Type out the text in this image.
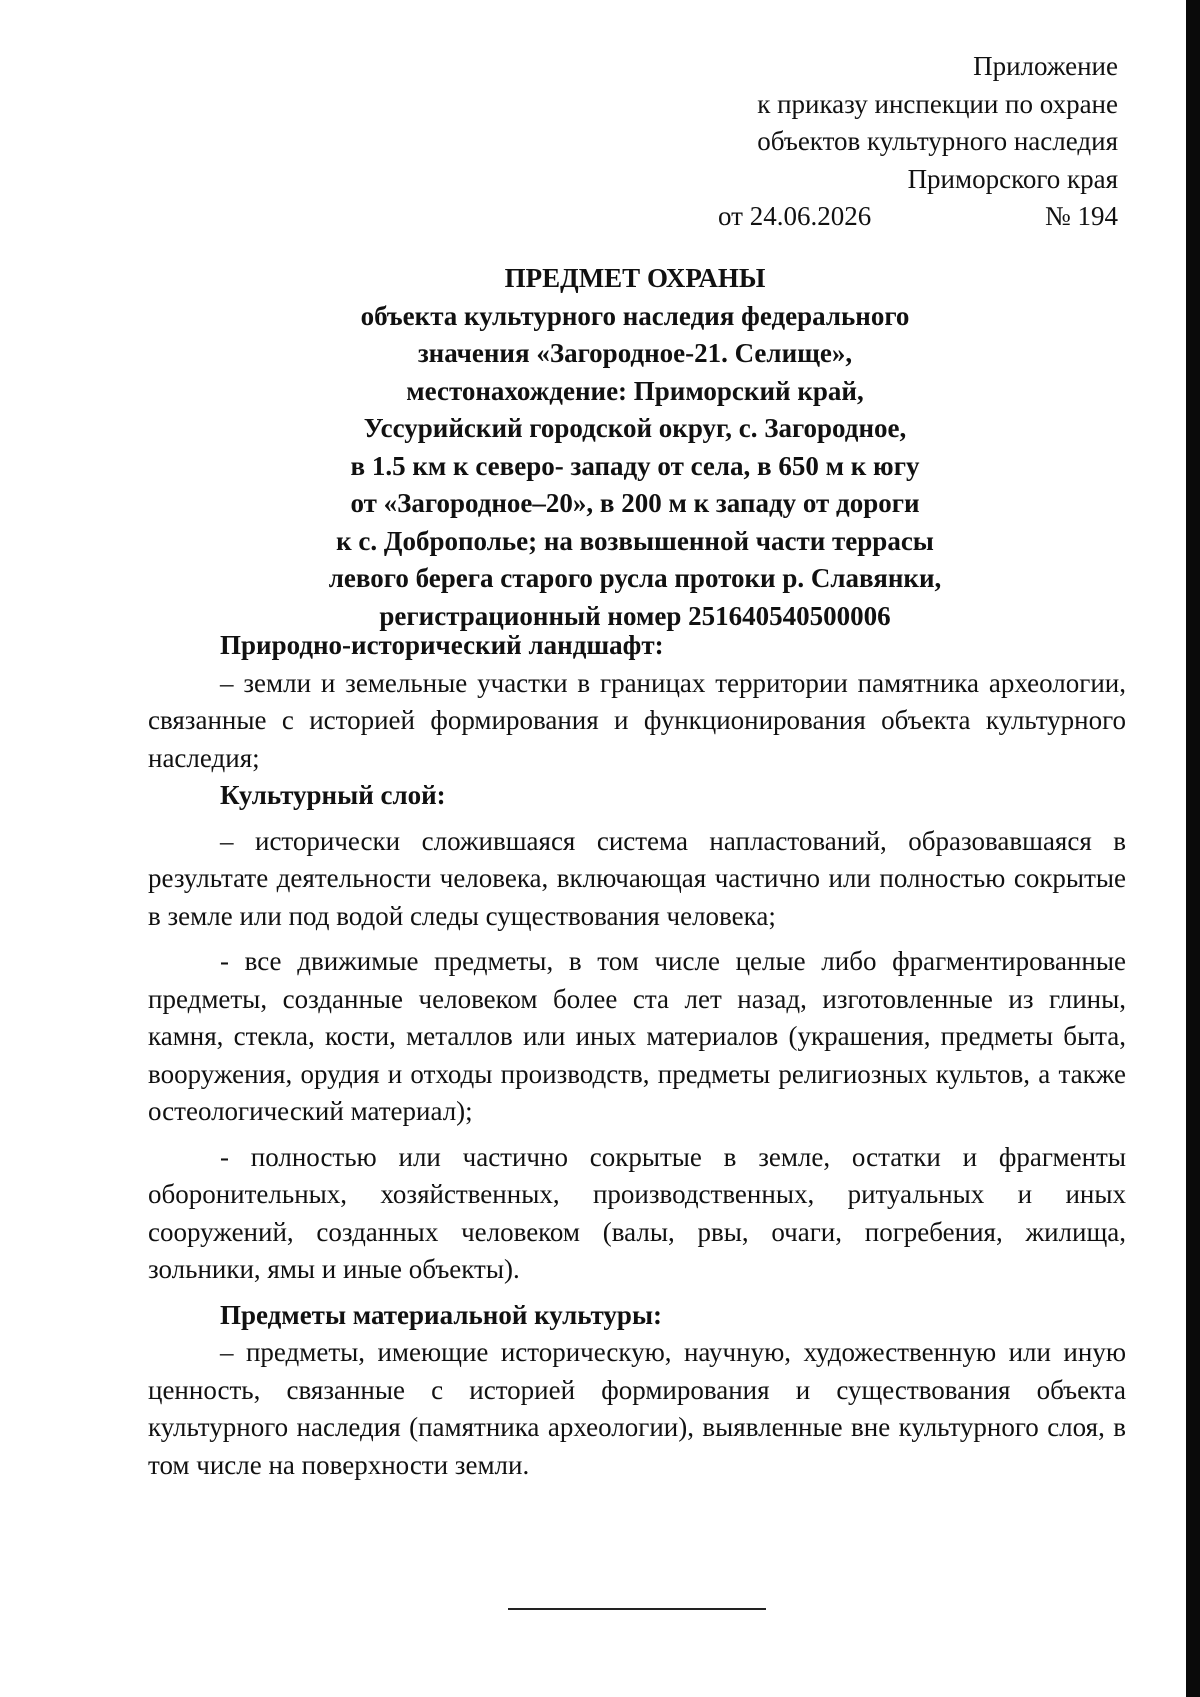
Приложение
к приказу инспекции по охране
объектов культурного наследия
Приморского края
от 24.06.2026	№ 194
ПРЕДМЕТ ОХРАНЫ
объекта культурного наследия федерального
значения «Загородное-21. Селище»,
местонахождение: Приморский край,
Уссурийский городской округ, с. Загородное,
в 1.5 км к северо- западу от села, в 650 м к югу
от «Загородное–20», в 200 м к западу от дороги
к с. Доброполье; на возвышенной части террасы
левого берега старого русла протоки р. Славянки,
регистрационный номер 251640540500006
Природно-исторический ландшафт:

– земли и земельные участки в границах территории памятника археологии, связанные с историей формирования и функционирования объекта культурного наследия;

Культурный слой:

– исторически сложившаяся система напластований, образовавшаяся в результате деятельности человека, включающая частично или полностью сокрытые в земле или под водой следы существования человека;

- все движимые предметы, в том числе целые либо фрагментированные предметы, созданные человеком более ста лет назад, изготовленные из глины, камня, стекла, кости, металлов или иных материалов (украшения, предметы быта, вооружения, орудия и отходы производств, предметы религиозных культов, а также остеологический материал);

- полностью или частично сокрытые в земле, остатки и фрагменты оборонительных, хозяйственных, производственных, ритуальных и иных сооружений, созданных человеком (валы, рвы, очаги, погребения, жилища, зольники, ямы и иные объекты).

Предметы материальной культуры:

– предметы, имеющие историческую, научную, художественную или иную ценность, связанные с историей формирования и существования объекта культурного наследия (памятника археологии), выявленные вне культурного слоя, в том числе на поверхности земли.
